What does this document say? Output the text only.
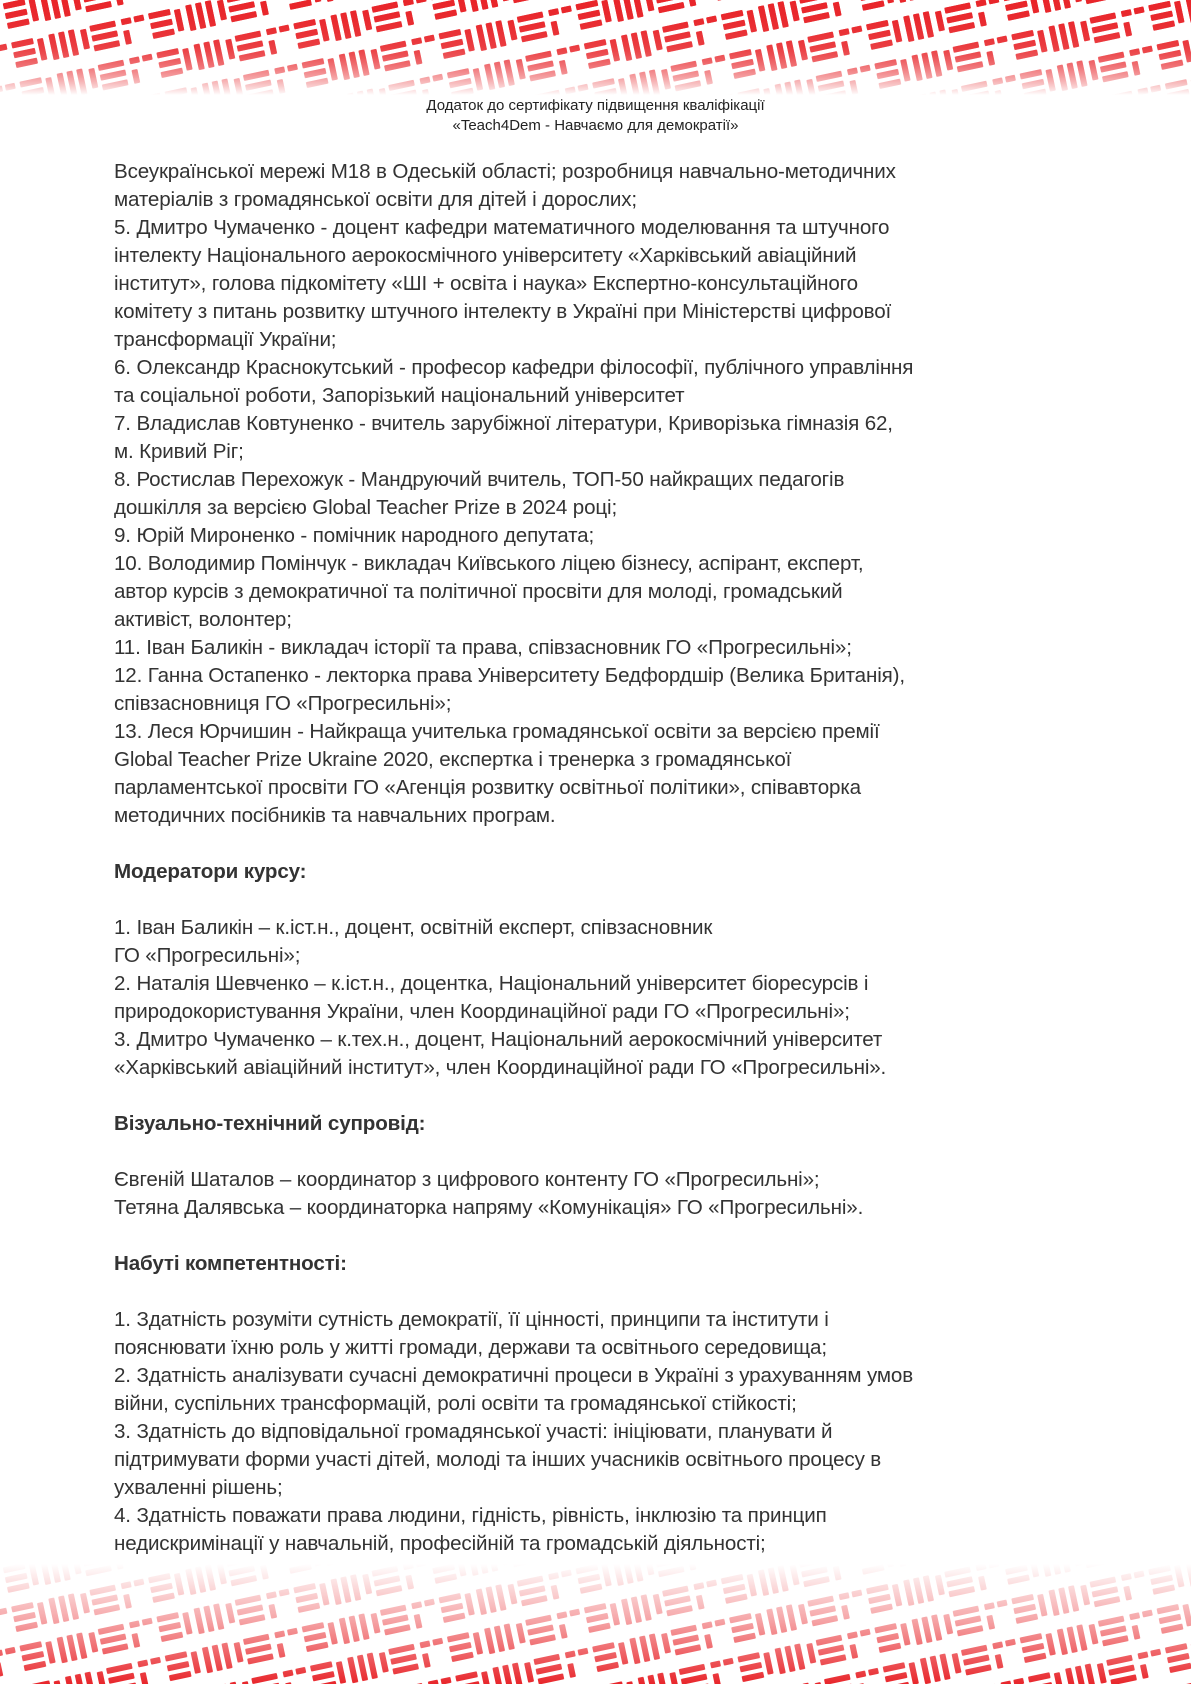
Додаток до сертифікату підвищення кваліфікації
«Teach4Dem - Навчаємо для демократії»
Всеукраїнської мережі М18 в Одеській області; розробниця навчально-методичних
матеріалів з громадянської освіти для дітей і дорослих;
5. Дмитро Чумаченко - доцент кафедри математичного моделювання та штучного
інтелекту Національного аерокосмічного університету «Харківський авіаційний
інститут», голова підкомітету «ШІ + освіта і наука» Експертно-консультаційного
комітету з питань розвитку штучного інтелекту в Україні при Міністерстві цифрової
трансформації України;
6. Олександр Краснокутський - професор кафедри філософії, публічного управління
та соціальної роботи, Запорізький національний університет
7. Владислав Ковтуненко - вчитель зарубіжної літератури, Криворізька гімназія 62,
м. Кривий Ріг;
8. Ростислав Перехожук - Мандруючий вчитель, ТОП-50 найкращих педагогів
дошкілля за версією Global Teacher Prize в 2024 році;
9. Юрій Мироненко - помічник народного депутата;
10. Володимир Помінчук - викладач Київського ліцею бізнесу, аспірант, експерт,
автор курсів з демократичної та політичної просвіти для молоді, громадський
активіст, волонтер;
11. Іван Баликін - викладач історії та права, співзасновник ГО «Прогресильні»;
12. Ганна Остапенко - лекторка права Університету Бедфордшір (Велика Британія),
співзасновниця ГО «Прогресильні»;
13. Леся Юрчишин - Найкраща учителька громадянської освіти за версією премії
Global Teacher Prize Ukraine 2020, експертка і тренерка з громадянської
парламентської просвіти ГО «Агенція розвитку освітньої політики», співавторка
методичних посібників та навчальних програм.
Модератори курсу:
1. Іван Баликін – к.іст.н., доцент, освітній експерт, співзасновник
ГО «Прогресильні»;
2. Наталія Шевченко – к.іст.н., доцентка, Національний університет біоресурсів і
природокористування України, член Координаційної ради ГО «Прогресильні»;
3. Дмитро Чумаченко – к.тех.н., доцент, Національний аерокосмічний університет
«Харківський авіаційний інститут», член Координаційної ради ГО «Прогресильні».
Візуально-технічний супровід:
Євгеній Шаталов – координатор з цифрового контенту ГО «Прогресильні»;
Тетяна Далявська – координаторка напряму «Комунікація» ГО «Прогресильні».
Набуті компетентності:
1. Здатність розуміти сутність демократії, її цінності, принципи та інститути і
пояснювати їхню роль у житті громади, держави та освітнього середовища;
2. Здатність аналізувати сучасні демократичні процеси в Україні з урахуванням умов
війни, суспільних трансформацій, ролі освіти та громадянської стійкості;
3. Здатність до відповідальної громадянської участі: ініціювати, планувати й
підтримувати форми участі дітей, молоді та інших учасників освітнього процесу в
ухваленні рішень;
4. Здатність поважати права людини, гідність, рівність, інклюзію та принцип
недискримінації у навчальній, професійній та громадській діяльності;
